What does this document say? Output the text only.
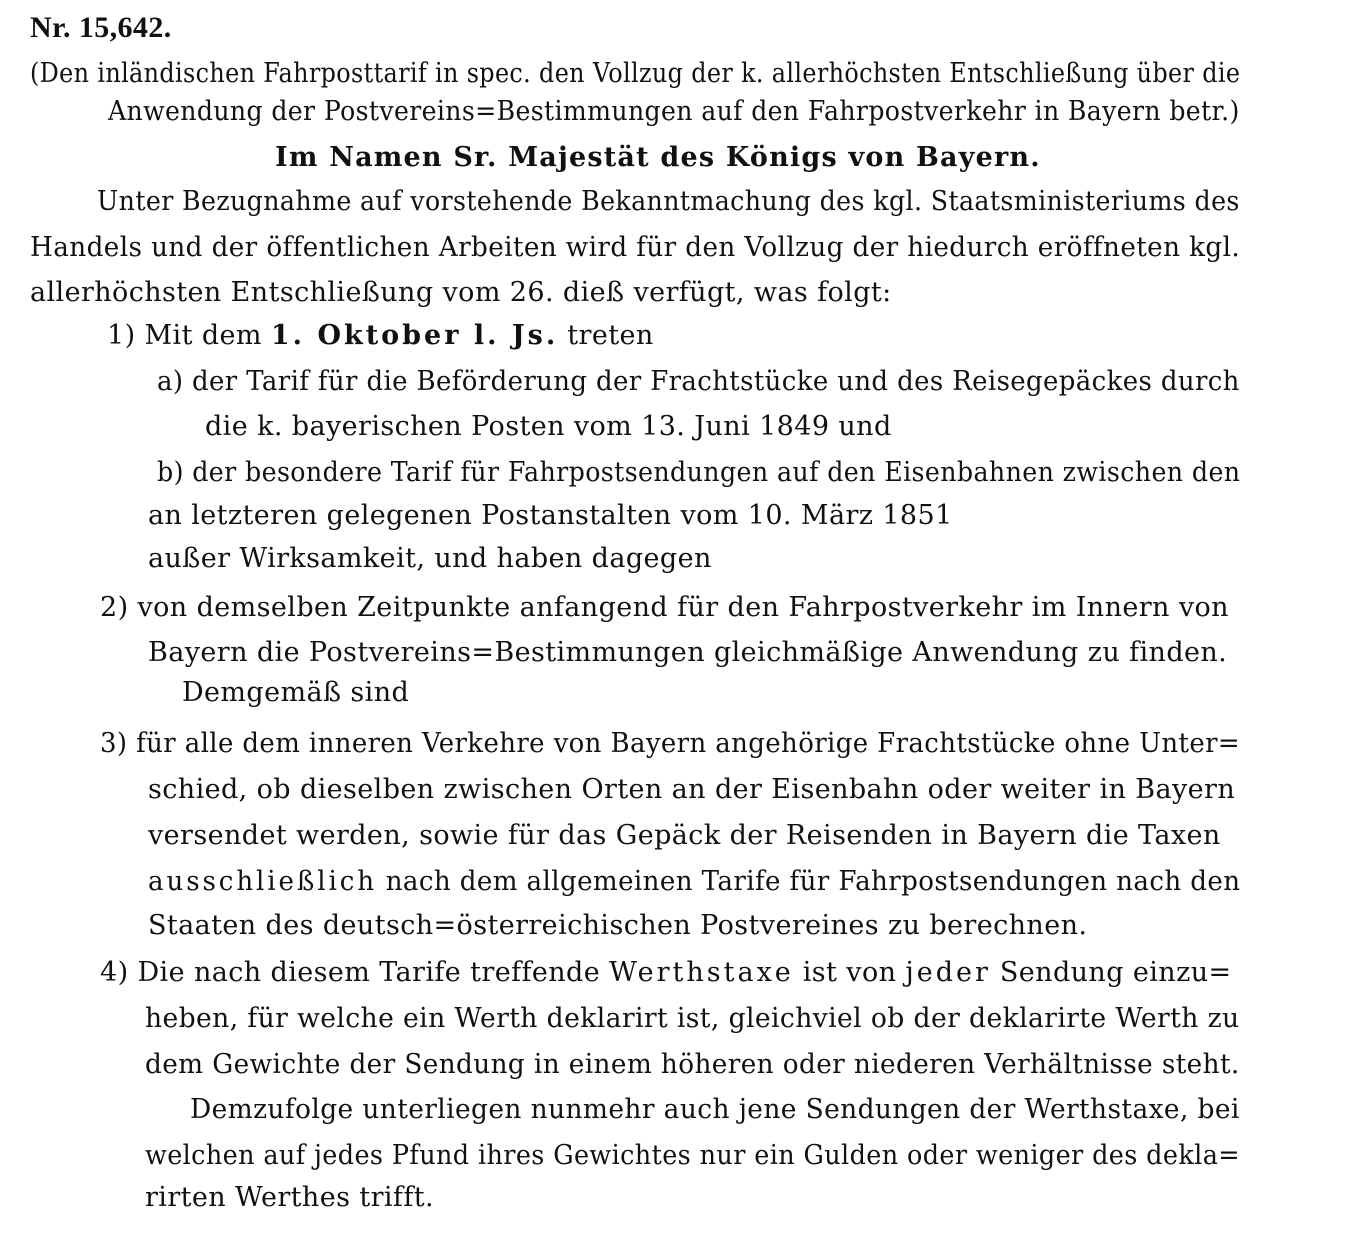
Nr. 15,642.
(Den inländischen Fahrposttarif in spec. den Vollzug der k. allerhöchsten Entschließung über die
Anwendung der Postvereins=Bestimmungen auf den Fahrpostverkehr in Bayern betr.)
Im Namen Sr. Majestät des Königs von Bayern.
Unter Bezugnahme auf vorstehende Bekanntmachung des kgl. Staatsministeriums des
Handels und der öffentlichen Arbeiten wird für den Vollzug der hiedurch eröffneten kgl.
allerhöchsten Entschließung vom 26. dieß verfügt, was folgt:
1) Mit dem 1. Oktober l. Js. treten
a) der Tarif für die Beförderung der Frachtstücke und des Reisegepäckes durch
die k. bayerischen Posten vom 13. Juni 1849 und
b) der besondere Tarif für Fahrpostsendungen auf den Eisenbahnen zwischen den
an letzteren gelegenen Postanstalten vom 10. März 1851
außer Wirksamkeit, und haben dagegen
2) von demselben Zeitpunkte anfangend für den Fahrpostverkehr im Innern von
Bayern die Postvereins=Bestimmungen gleichmäßige Anwendung zu finden.
Demgemäß sind
3) für alle dem inneren Verkehre von Bayern angehörige Frachtstücke ohne Unter=
schied, ob dieselben zwischen Orten an der Eisenbahn oder weiter in Bayern
versendet werden, sowie für das Gepäck der Reisenden in Bayern die Taxen
ausschließlich nach dem allgemeinen Tarife für Fahrpostsendungen nach den
Staaten des deutsch=österreichischen Postvereines zu berechnen.
4) Die nach diesem Tarife treffende Werthstaxe ist von jeder Sendung einzu=
heben, für welche ein Werth deklarirt ist, gleichviel ob der deklarirte Werth zu
dem Gewichte der Sendung in einem höheren oder niederen Verhältnisse steht.
Demzufolge unterliegen nunmehr auch jene Sendungen der Werthstaxe, bei
welchen auf jedes Pfund ihres Gewichtes nur ein Gulden oder weniger des dekla=
rirten Werthes trifft.
